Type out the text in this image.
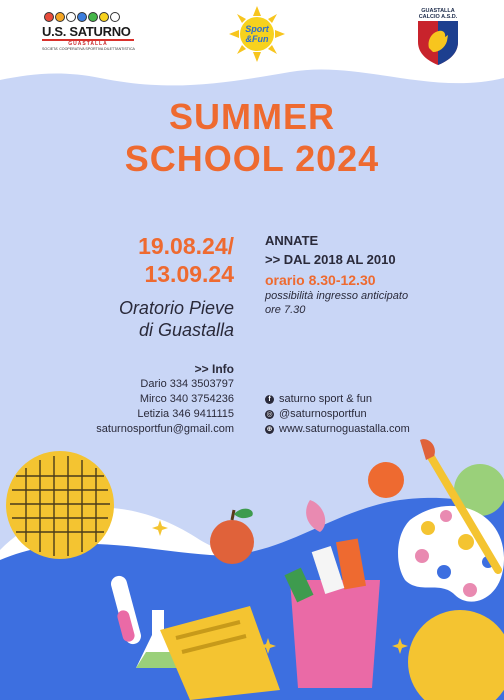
U.S. SATURNO
GUASTALLA
SOCIETA' COOPERATIVA SPORTIVA DILETTANTISTICA
Sport
&Fun
GUASTALLA
CALCIO A.S.D.
SUMMER
SCHOOL 2024
19.08.24/
13.09.24
Oratorio Pieve
di Guastalla
>> Info
Dario 334 3503797
Mirco 340 3754236
Letizia 346 9411115
saturnosportfun@gmail.com
ANNATE
>> DAL 2018 AL 2010
orario 8.30-12.30
possibilità ingresso anticipato
ore 7.30
f saturno sport & fun
◎ @saturnosportfun
⊕ www.saturnoguastalla.com
